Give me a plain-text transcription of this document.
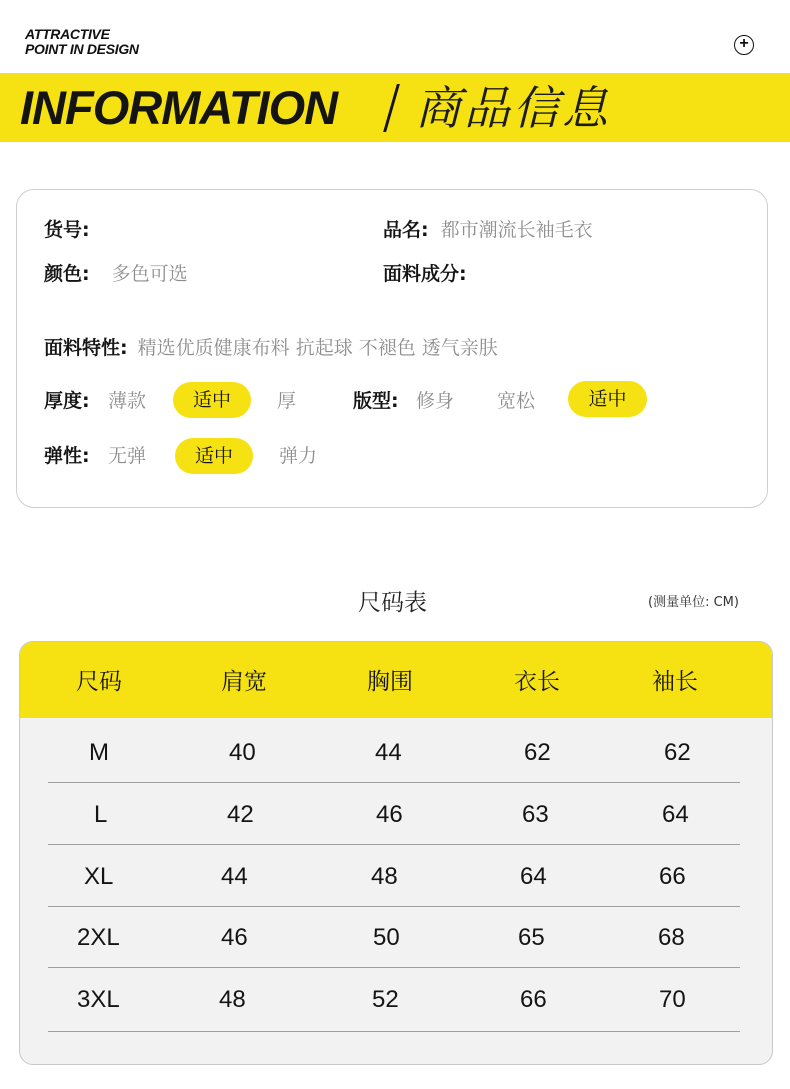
ATTRACTIVE
POINT IN DESIGN	+
INFORMATION 商品信息
货号:	品名: 都市潮流长袖毛衣
颜色: 多色可选	面料成分:
面料特性: 精选优质健康布料 抗起球 不褪色 透气亲肤
厚度: 薄款	适中	厚	版型: 修身 宽松	适中
弹性: 无弹	适中	弹力
尺码表	(测量单位: CM)
尺码	肩宽	胸围	衣长	袖长
M	40	44	62	62
L	42	46	63	64
XL	44	48	64	66
2XL	46	50	65	68
3XL	48	52	66	70
